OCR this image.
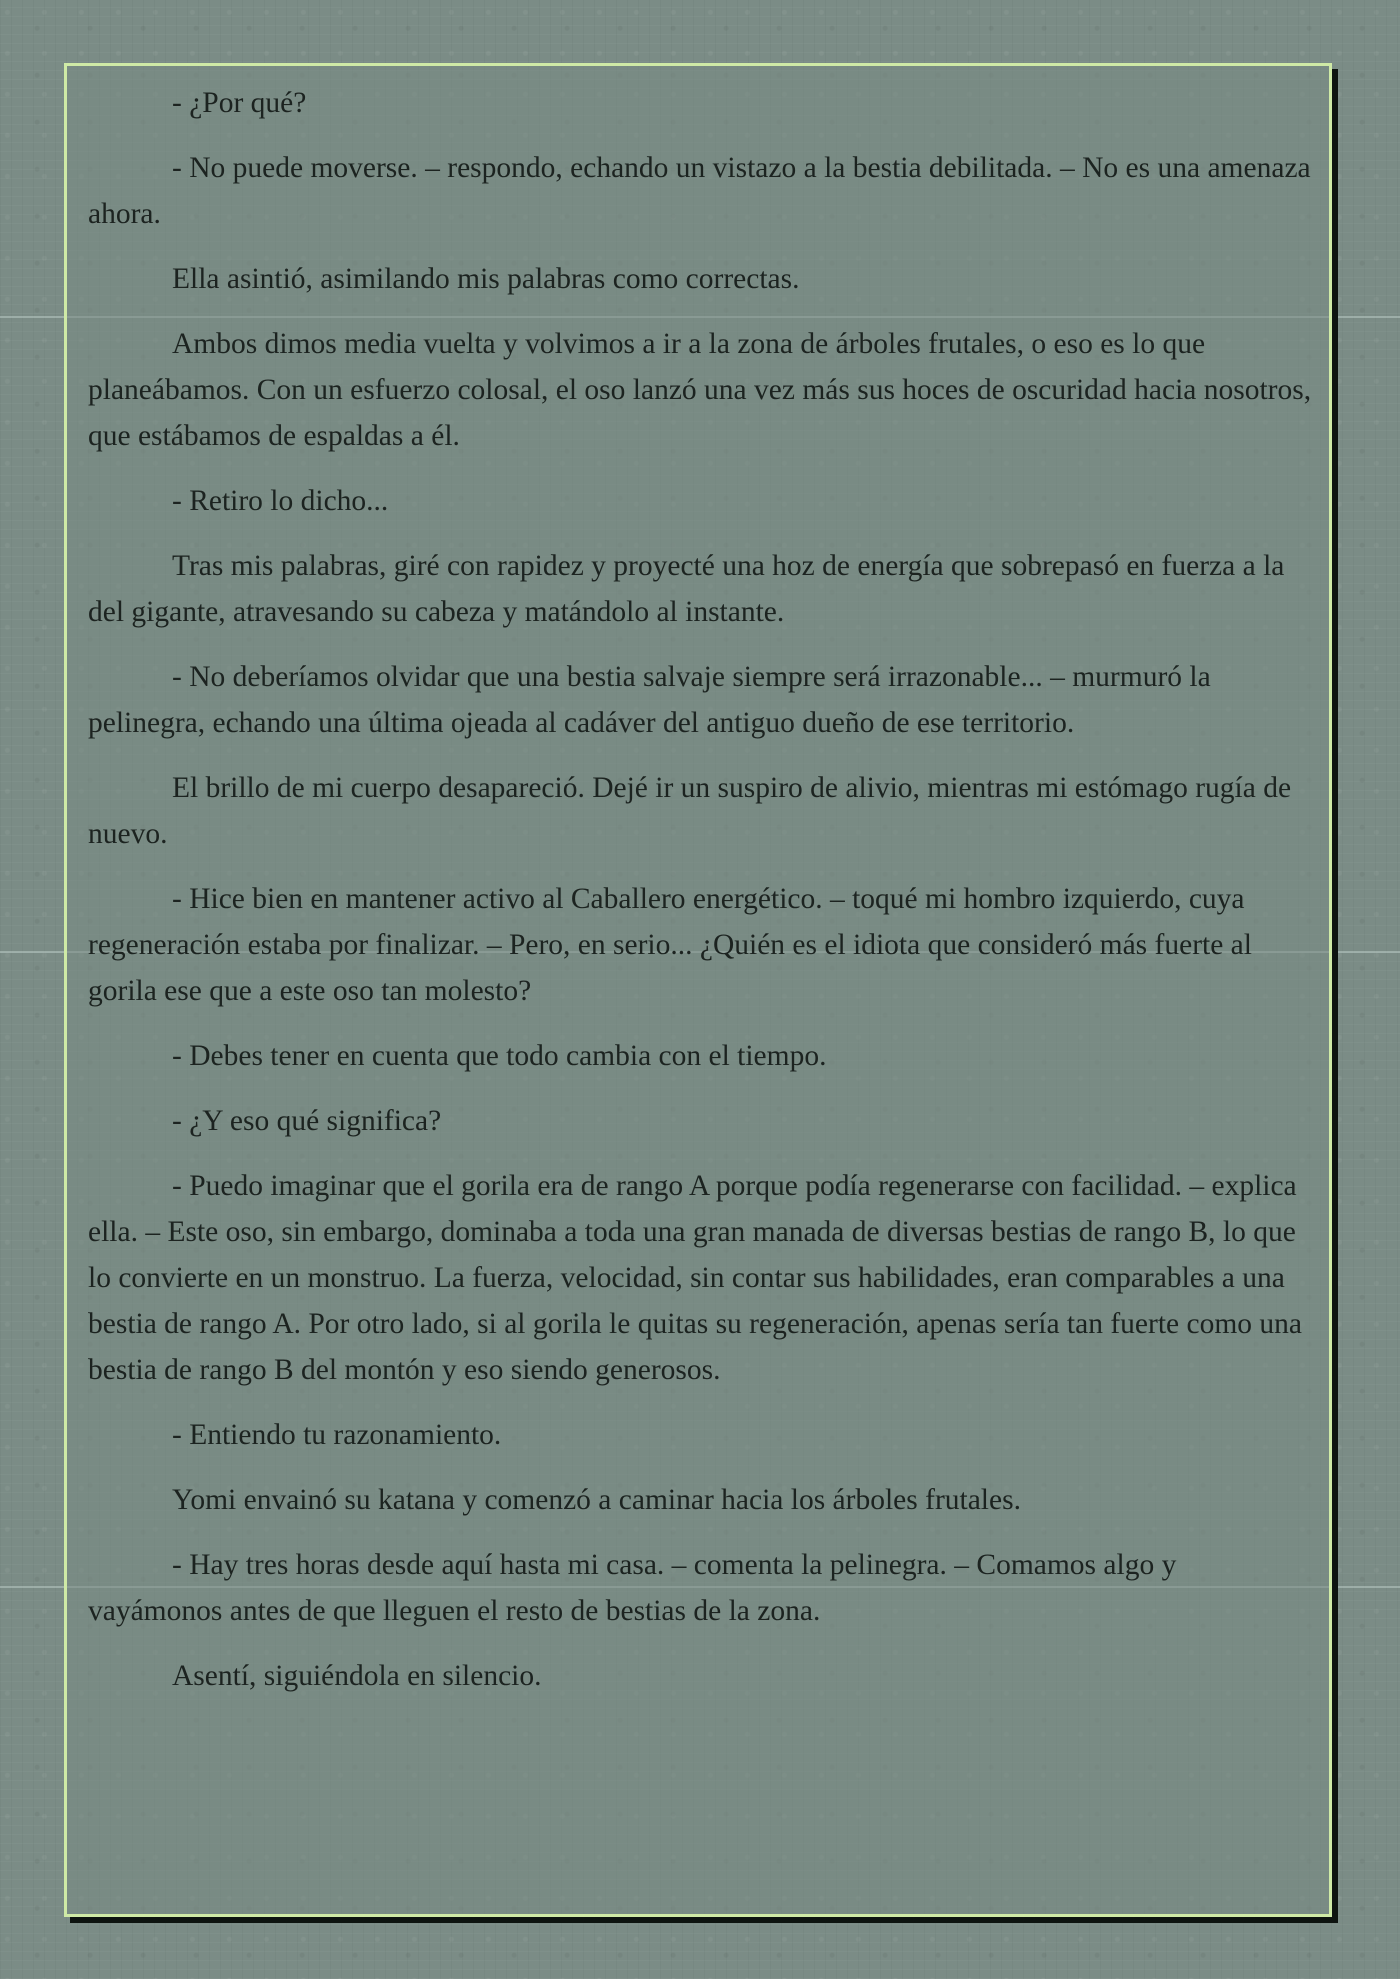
- ¿Por qué?

- No puede moverse. – respondo, echando un vistazo a la bestia debilitada. – No es una amenaza ahora.

Ella asintió, asimilando mis palabras como correctas.

Ambos dimos media vuelta y volvimos a ir a la zona de árboles frutales, o eso es lo que planeábamos. Con un esfuerzo colosal, el oso lanzó una vez más sus hoces de oscuridad hacia nosotros, que estábamos de espaldas a él.

- Retiro lo dicho...

Tras mis palabras, giré con rapidez y proyecté una hoz de energía que sobrepasó en fuerza a la del gigante, atravesando su cabeza y matándolo al instante.

- No deberíamos olvidar que una bestia salvaje siempre será irrazonable... – murmuró la pelinegra, echando una última ojeada al cadáver del antiguo dueño de ese territorio.

El brillo de mi cuerpo desapareció. Dejé ir un suspiro de alivio, mientras mi estómago rugía de nuevo.

- Hice bien en mantener activo al Caballero energético. – toqué mi hombro izquierdo, cuya regeneración estaba por finalizar. – Pero, en serio... ¿Quién es el idiota que consideró más fuerte al gorila ese que a este oso tan molesto?

- Debes tener en cuenta que todo cambia con el tiempo.

- ¿Y eso qué significa?

- Puedo imaginar que el gorila era de rango A porque podía regenerarse con facilidad. – explica ella. – Este oso, sin embargo, dominaba a toda una gran manada de diversas bestias de rango B, lo que lo convierte en un monstruo. La fuerza, velocidad, sin contar sus habilidades, eran comparables a una bestia de rango A. Por otro lado, si al gorila le quitas su regeneración, apenas sería tan fuerte como una bestia de rango B del montón y eso siendo generosos.

- Entiendo tu razonamiento.

Yomi envainó su katana y comenzó a caminar hacia los árboles frutales.

- Hay tres horas desde aquí hasta mi casa. – comenta la pelinegra. – Comamos algo y vayámonos antes de que lleguen el resto de bestias de la zona.

Asentí, siguiéndola en silencio.
